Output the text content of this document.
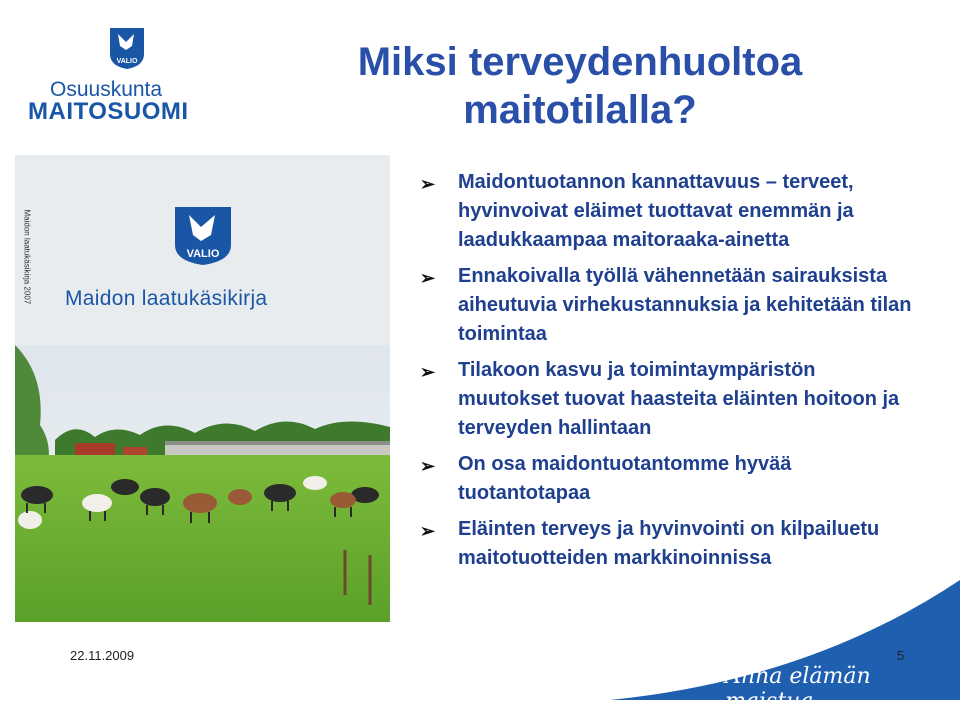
VALIO
Osuuskunta
MAITOSUOMI
Miksi terveydenhuoltoa maitotilalla?
Maidon laatukäsikirja 2007	VALIO
Maidon laatukäsikirja
➢ Maidontuotannon kannattavuus – terveet, hyvinvoivat eläimet tuottavat enemmän ja laadukkaampaa maitoraaka-ainetta
➢ Ennakoivalla työllä vähennetään sairauksista aiheutuvia virhekustannuksia ja kehitetään tilan toimintaa
➢ Tilakoon kasvu ja toimintaympäristön muutokset tuovat haasteita eläinten hoitoon ja terveyden hallintaan
➢ On osa maidontuotantomme hyvää tuotantotapaa
➢ Eläinten terveys ja hyvinvointi on kilpailuetu maitotuotteiden markkinoinnissa
Anna elämän maistua.
22.11.2009	5
